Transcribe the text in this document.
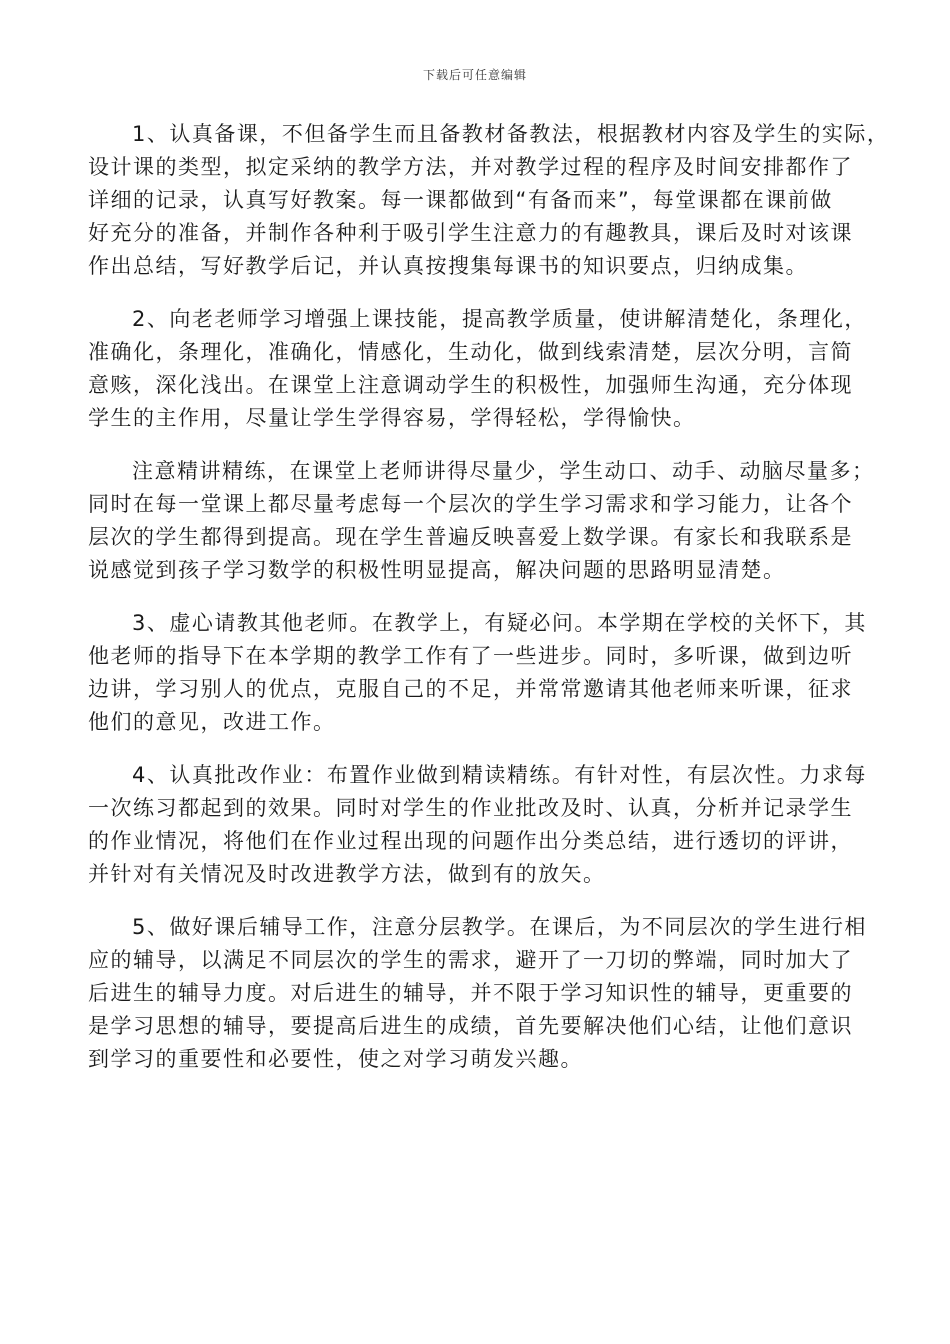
下载后可任意编辑
1、认真备课，不但备学生而且备教材备教法，根据教材内容及学生的实际，
设计课的类型，拟定采纳的教学方法，并对教学过程的程序及时间安排都作了
详细的记录，认真写好教案。每一课都做到“有备而来”，每堂课都在课前做
好充分的准备，并制作各种利于吸引学生注意力的有趣教具，课后及时对该课
作出总结，写好教学后记，并认真按搜集每课书的知识要点，归纳成集。
2、向老老师学习增强上课技能，提高教学质量，使讲解清楚化，条理化，
准确化，条理化，准确化，情感化，生动化，做到线索清楚，层次分明，言简
意赅，深化浅出。在课堂上注意调动学生的积极性，加强师生沟通，充分体现
学生的主作用，尽量让学生学得容易，学得轻松，学得愉快。
注意精讲精练，在课堂上老师讲得尽量少，学生动口、动手、动脑尽量多；
同时在每一堂课上都尽量考虑每一个层次的学生学习需求和学习能力，让各个
层次的学生都得到提高。现在学生普遍反映喜爱上数学课。有家长和我联系是
说感觉到孩子学习数学的积极性明显提高，解决问题的思路明显清楚。
3、虚心请教其他老师。在教学上，有疑必问。本学期在学校的关怀下，其
他老师的指导下在本学期的教学工作有了一些进步。同时，多听课，做到边听
边讲，学习别人的优点，克服自己的不足，并常常邀请其他老师来听课，征求
他们的意见，改进工作。
4、认真批改作业：布置作业做到精读精练。有针对性，有层次性。力求每
一次练习都起到的效果。同时对学生的作业批改及时、认真，分析并记录学生
的作业情况，将他们在作业过程出现的问题作出分类总结，进行透切的评讲，
并针对有关情况及时改进教学方法，做到有的放矢。
5、做好课后辅导工作，注意分层教学。在课后，为不同层次的学生进行相
应的辅导，以满足不同层次的学生的需求，避开了一刀切的弊端，同时加大了
后进生的辅导力度。对后进生的辅导，并不限于学习知识性的辅导，更重要的
是学习思想的辅导，要提高后进生的成绩，首先要解决他们心结，让他们意识
到学习的重要性和必要性，使之对学习萌发兴趣。
